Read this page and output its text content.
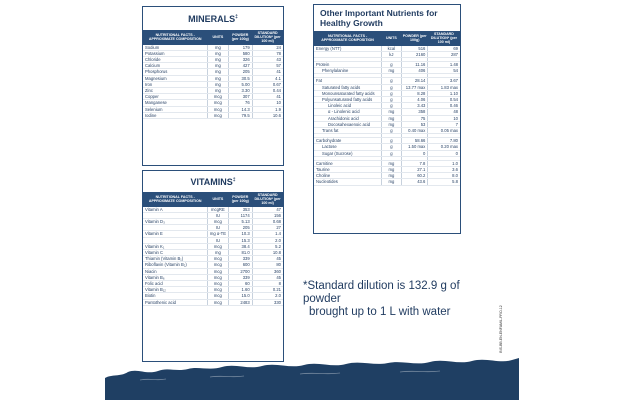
MINERALS‡
NUTRITIONAL FACTS - APPROXIMATE COMPOSITION	UNITS	POWDER (per 100g)	STANDARD DILUTION* (per 100 ml)
Sodium	mg	179	24
Potassium	mg	580	78
Chloride	mg	326	43
Calcium	mg	427	57
Phosphorus	mg	205	41
Magnesium	mg	30.5	4.1
Iron	mg	5.00	0.67
Zinc	mg	3.30	0.44
Copper	mcg	307	41
Manganese	mcg	76	10
Selenium	mcg	14.3	1.9
Iodine	mcg	79.5	10.6
VITAMINS‡
NUTRITIONAL FACTS - APPROXIMATE COMPOSITION	UNITS	POWDER (per 100g)	STANDARD DILUTION* (per 100 ml)
Vitamin A	mcgRE	353	47
	IU	1174	156
Vitamin D₃	mcg	5.13	0.68
	IU	205	27
Vitamin E	mg α-TE	10.3	1.4
	IU	15.3	2.0
Vitamin K₁	mcg	38.4	5.2
Vitamin C	mg	81.0	10.8
Thiamin (Vitamin B₁)	mcg	339	45
Riboflavin (Vitamin B₂)	mcg	600	80
Niacin	mcg	2700	360
Vitamin B₆	mcg	339	45
Folic acid	mcg	60	8
Vitamin B₁₂	mcg	1.60	0.21
Biotin	mcg	15.0	2.0
Pantothenic acid	mcg	2483	330
Other Important Nutrients for
Healthy Growth
NUTRITIONAL FACTS - APPROXIMATE COMPOSITION	UNITS	POWDER (per 100g)	STANDARD DILUTION* (per 100 ml)
Energy (NTT)	kcal	516	69
	kJ	2160	287

Protein	g	11.16	1.48
Phenylalanine	mg	406	54

Fat	g	28.14	3.67
Saturated fatty acids	g	13.77 max	1.83 max
Monounsaturated fatty acids	g	8.28	1.10
Polyunsaturated fatty acids	g	4.06	0.54
Linoleic acid	g	3.43	0.46
α - Linolenic acid	mg	358	48
Arachidonic acid	mg	75	10
Docosahexaenoic acid	mg	53	7
Trans fat	g	0.40 max	0.05 max

Carbohydrate	g	58.66	7.80
Lactose	g	1.50 max	0.20 max
Sugar (Sucrose)	g	0	0

Carnitine	mg	7.8	1.0
Taurine	mg	27.1	3.6
Choline	mg	60.2	8.0
Nucleotides	mg	43.6	5.8
*Standard dilution is 132.9 g of powder
brought up to 1 L with water	BIS-BB-EN-ENFAMIL-PRO-12
